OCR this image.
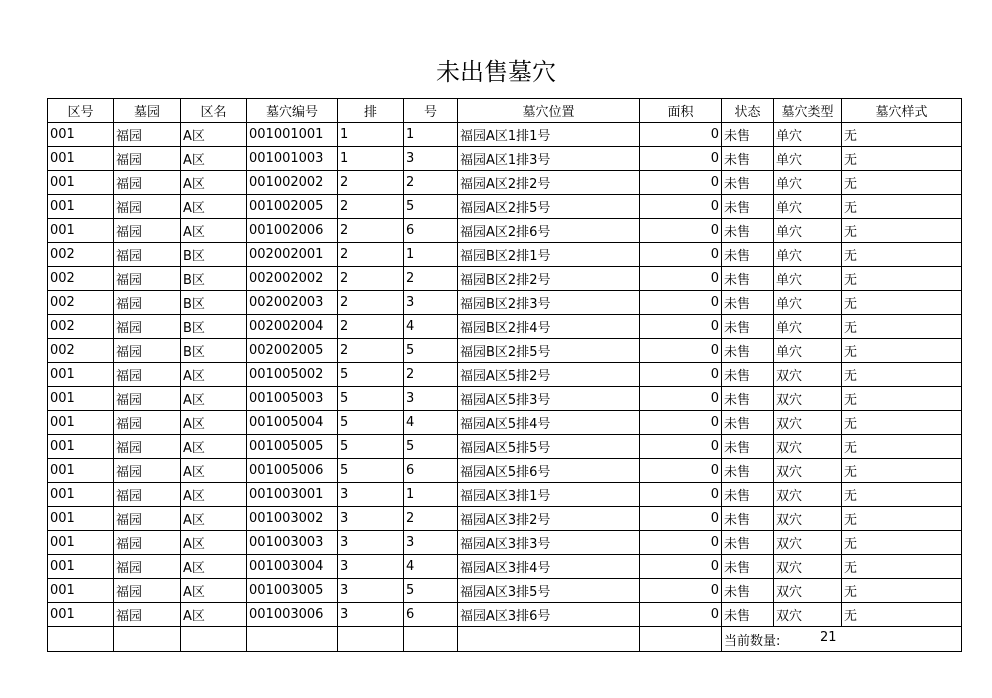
未出售墓穴
区号	墓园	区名	墓穴编号	排	号	墓穴位置	面积	状态	墓穴类型	墓穴样式
001	福园	A区	001001001	1	1	福园A区1排1号	0	未售	单穴	无
001	福园	A区	001001003	1	3	福园A区1排3号	0	未售	单穴	无
001	福园	A区	001002002	2	2	福园A区2排2号	0	未售	单穴	无
001	福园	A区	001002005	2	5	福园A区2排5号	0	未售	单穴	无
001	福园	A区	001002006	2	6	福园A区2排6号	0	未售	单穴	无
002	福园	B区	002002001	2	1	福园B区2排1号	0	未售	单穴	无
002	福园	B区	002002002	2	2	福园B区2排2号	0	未售	单穴	无
002	福园	B区	002002003	2	3	福园B区2排3号	0	未售	单穴	无
002	福园	B区	002002004	2	4	福园B区2排4号	0	未售	单穴	无
002	福园	B区	002002005	2	5	福园B区2排5号	0	未售	单穴	无
001	福园	A区	001005002	5	2	福园A区5排2号	0	未售	双穴	无
001	福园	A区	001005003	5	3	福园A区5排3号	0	未售	双穴	无
001	福园	A区	001005004	5	4	福园A区5排4号	0	未售	双穴	无
001	福园	A区	001005005	5	5	福园A区5排5号	0	未售	双穴	无
001	福园	A区	001005006	5	6	福园A区5排6号	0	未售	双穴	无
001	福园	A区	001003001	3	1	福园A区3排1号	0	未售	双穴	无
001	福园	A区	001003002	3	2	福园A区3排2号	0	未售	双穴	无
001	福园	A区	001003003	3	3	福园A区3排3号	0	未售	双穴	无
001	福园	A区	001003004	3	4	福园A区3排4号	0	未售	双穴	无
001	福园	A区	001003005	3	5	福园A区3排5号	0	未售	双穴	无
001	福园	A区	001003006	3	6	福园A区3排6号	0	未售	双穴	无

								当前数量: 21		
